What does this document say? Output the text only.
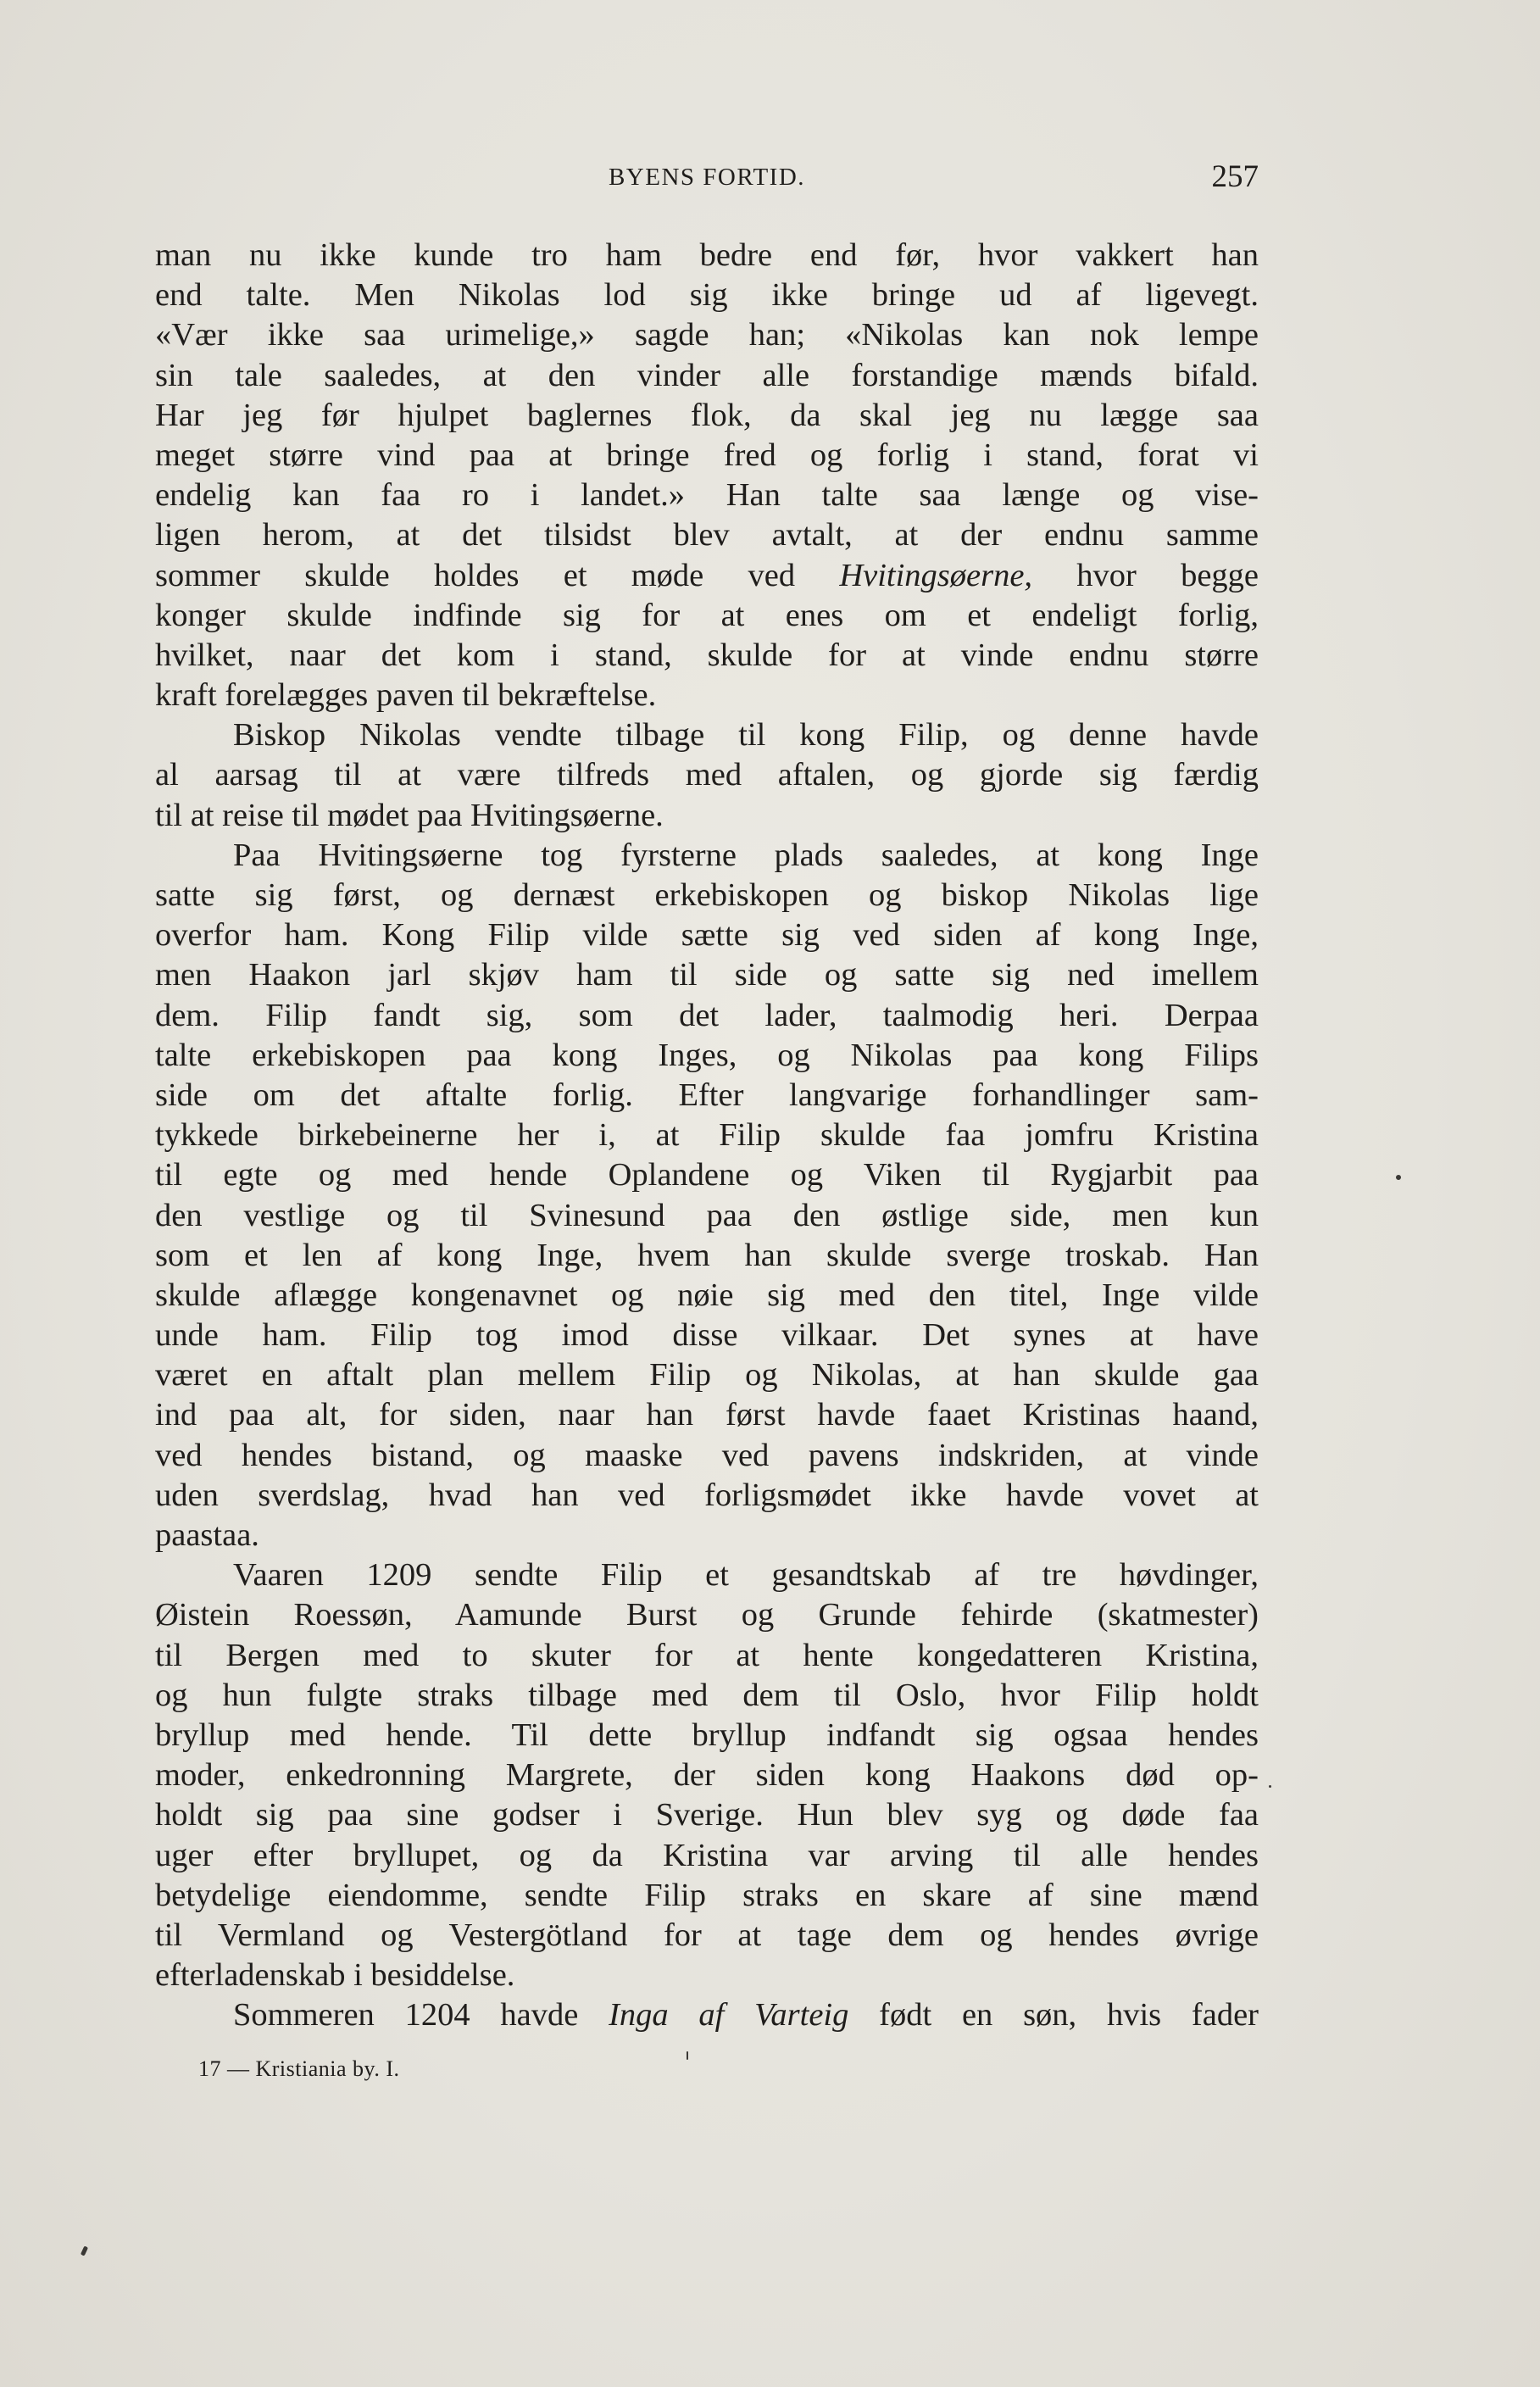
BYENS FORTID.	257
man nu ikke kunde tro ham bedre end før, hvor vakkert han
end talte. Men Nikolas lod sig ikke bringe ud af ligevegt.
«Vær ikke saa urimelige,» sagde han; «Nikolas kan nok lempe
sin tale saaledes, at den vinder alle forstandige mænds bifald.
Har jeg før hjulpet baglernes flok, da skal jeg nu lægge saa
meget større vind paa at bringe fred og forlig i stand, forat vi
endelig kan faa ro i landet.» Han talte saa længe og vise-
ligen herom, at det tilsidst blev avtalt, at der endnu samme
sommer skulde holdes et møde ved Hvitingsøerne, hvor begge
konger skulde indfinde sig for at enes om et endeligt forlig,
hvilket, naar det kom i stand, skulde for at vinde endnu større
kraft forelægges paven til bekræftelse.
Biskop Nikolas vendte tilbage til kong Filip, og denne havde
al aarsag til at være tilfreds med aftalen, og gjorde sig færdig
til at reise til mødet paa Hvitingsøerne.
Paa Hvitingsøerne tog fyrsterne plads saaledes, at kong Inge
satte sig først, og dernæst erkebiskopen og biskop Nikolas lige
overfor ham. Kong Filip vilde sætte sig ved siden af kong Inge,
men Haakon jarl skjøv ham til side og satte sig ned imellem
dem. Filip fandt sig, som det lader, taalmodig heri. Derpaa
talte erkebiskopen paa kong Inges, og Nikolas paa kong Filips
side om det aftalte forlig. Efter langvarige forhandlinger sam-
tykkede birkebeinerne her i, at Filip skulde faa jomfru Kristina
til egte og med hende Oplandene og Viken til Rygjarbit paa
den vestlige og til Svinesund paa den østlige side, men kun
som et len af kong Inge, hvem han skulde sverge troskab. Han
skulde aflægge kongenavnet og nøie sig med den titel, Inge vilde
unde ham. Filip tog imod disse vilkaar. Det synes at have
været en aftalt plan mellem Filip og Nikolas, at han skulde gaa
ind paa alt, for siden, naar han først havde faaet Kristinas haand,
ved hendes bistand, og maaske ved pavens indskriden, at vinde
uden sverdslag, hvad han ved forligsmødet ikke havde vovet at
paastaa.
Vaaren 1209 sendte Filip et gesandtskab af tre høvdinger,
Øistein Roessøn, Aamunde Burst og Grunde fehirde (skatmester)
til Bergen med to skuter for at hente kongedatteren Kristina,
og hun fulgte straks tilbage med dem til Oslo, hvor Filip holdt
bryllup med hende. Til dette bryllup indfandt sig ogsaa hendes
moder, enkedronning Margrete, der siden kong Haakons død op-
holdt sig paa sine godser i Sverige. Hun blev syg og døde faa
uger efter bryllupet, og da Kristina var arving til alle hendes
betydelige eiendomme, sendte Filip straks en skare af sine mænd
til Vermland og Vestergötland for at tage dem og hendes øvrige
efterladenskab i besiddelse.
Sommeren 1204 havde Inga af Varteig født en søn, hvis fader
17 — Kristiania by. I.
